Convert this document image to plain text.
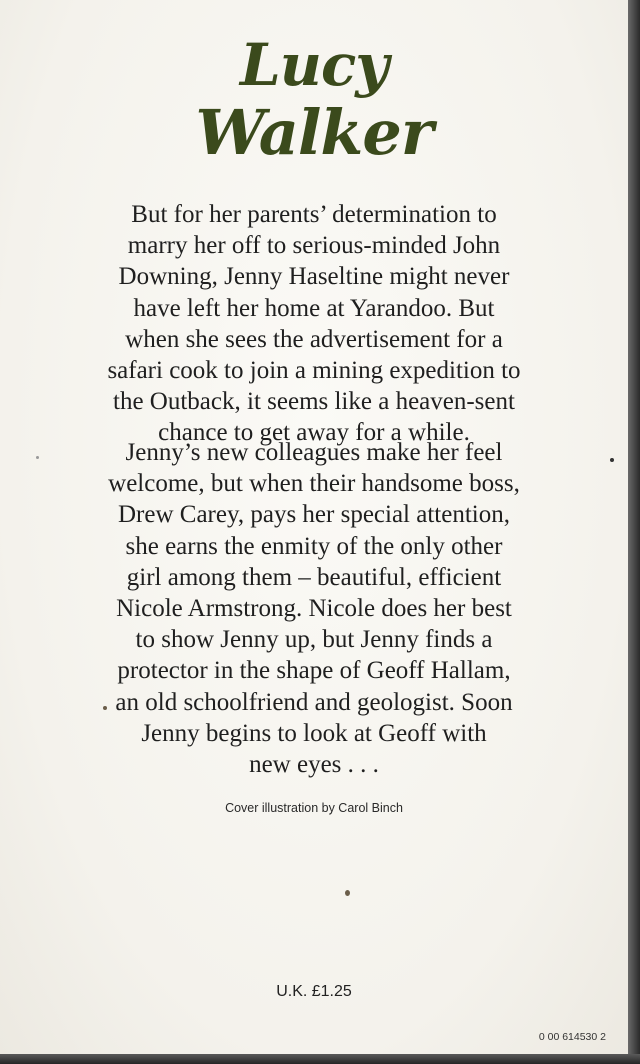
Lucy
Walker

But for her parents’ determination to
marry her off to serious-minded John
Downing, Jenny Haseltine might never
have left her home at Yarandoo. But
when she sees the advertisement for a
safari cook to join a mining expedition to
the Outback, it seems like a heaven-sent
chance to get away for a while.

Jenny’s new colleagues make her feel
welcome, but when their handsome boss,
Drew Carey, pays her special attention,
she earns the enmity of the only other
girl among them – beautiful, efficient
Nicole Armstrong. Nicole does her best
to show Jenny up, but Jenny finds a
protector in the shape of Geoff Hallam,
an old schoolfriend and geologist. Soon
Jenny begins to look at Geoff with
new eyes . . .

Cover illustration by Carol Binch
U.K. £1.25
0 00 614530 2
